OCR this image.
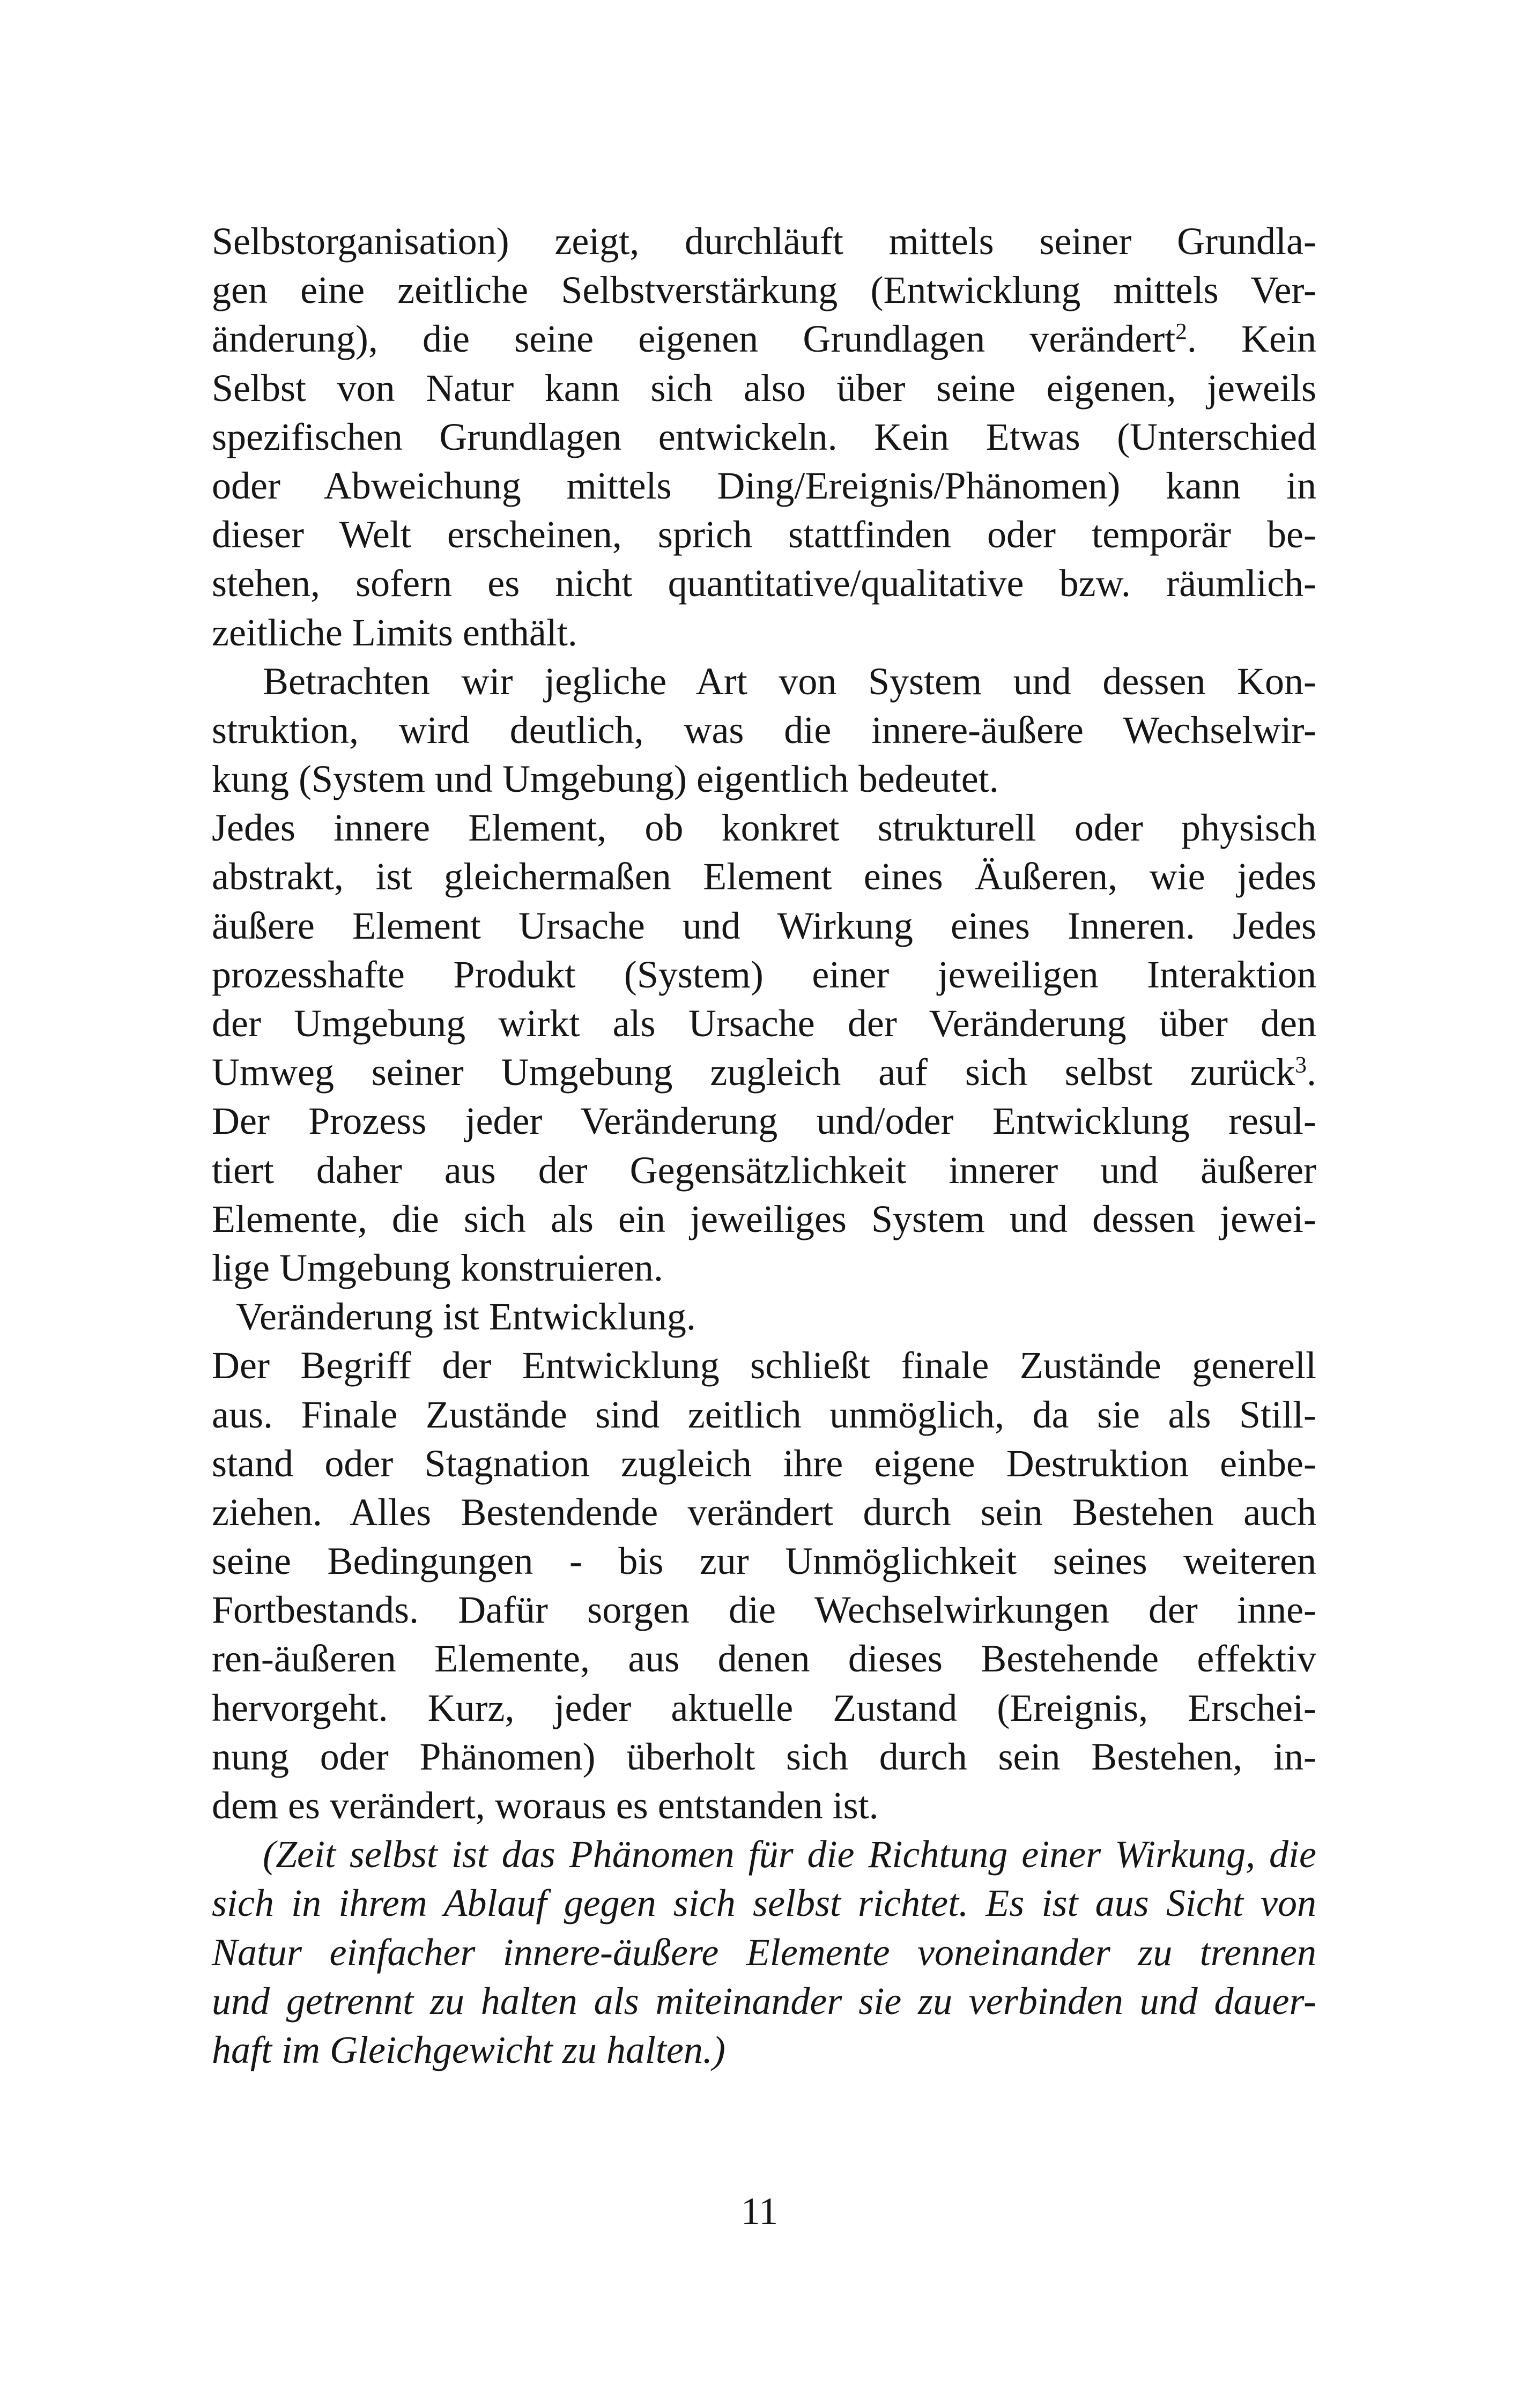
Selbstorganisation) zeigt, durchläuft mittels seiner Grundla-
gen eine zeitliche Selbstverstärkung (Entwicklung mittels Ver-
änderung), die seine eigenen Grundlagen verändert$^2$. Kein
Selbst von Natur kann sich also über seine eigenen, jeweils
spezifischen Grundlagen entwickeln. Kein Etwas (Unterschied
oder Abweichung mittels Ding/Ereignis/Phänomen) kann in
dieser Welt erscheinen, sprich stattfinden oder temporär be-
stehen, sofern es nicht quantitative/qualitative bzw. räumlich-
zeitliche Limits enthält.
Betrachten wir jegliche Art von System und dessen Kon-
struktion, wird deutlich, was die innere-äußere Wechselwir-
kung (System und Umgebung) eigentlich bedeutet.
Jedes innere Element, ob konkret strukturell oder physisch
abstrakt, ist gleichermaßen Element eines Äußeren, wie jedes
äußere Element Ursache und Wirkung eines Inneren. Jedes
prozesshafte Produkt (System) einer jeweiligen Interaktion
der Umgebung wirkt als Ursache der Veränderung über den
Umweg seiner Umgebung zugleich auf sich selbst zurück$^3$.
Der Prozess jeder Veränderung und/oder Entwicklung resul-
tiert daher aus der Gegensätzlichkeit innerer und äußerer
Elemente, die sich als ein jeweiliges System und dessen jewei-
lige Umgebung konstruieren.
Veränderung ist Entwicklung.
Der Begriff der Entwicklung schließt finale Zustände generell
aus. Finale Zustände sind zeitlich unmöglich, da sie als Still-
stand oder Stagnation zugleich ihre eigene Destruktion einbe-
ziehen. Alles Bestendende verändert durch sein Bestehen auch
seine Bedingungen - bis zur Unmöglichkeit seines weiteren
Fortbestands. Dafür sorgen die Wechselwirkungen der inne-
ren-äußeren Elemente, aus denen dieses Bestehende effektiv
hervorgeht. Kurz, jeder aktuelle Zustand (Ereignis, Erschei-
nung oder Phänomen) überholt sich durch sein Bestehen, in-
dem es verändert, woraus es entstanden ist.
(Zeit selbst ist das Phänomen für die Richtung einer Wirkung, die
sich in ihrem Ablauf gegen sich selbst richtet. Es ist aus Sicht von
Natur einfacher innere-äußere Elemente voneinander zu trennen
und getrennt zu halten als miteinander sie zu verbinden und dauer-
haft im Gleichgewicht zu halten.)
11
